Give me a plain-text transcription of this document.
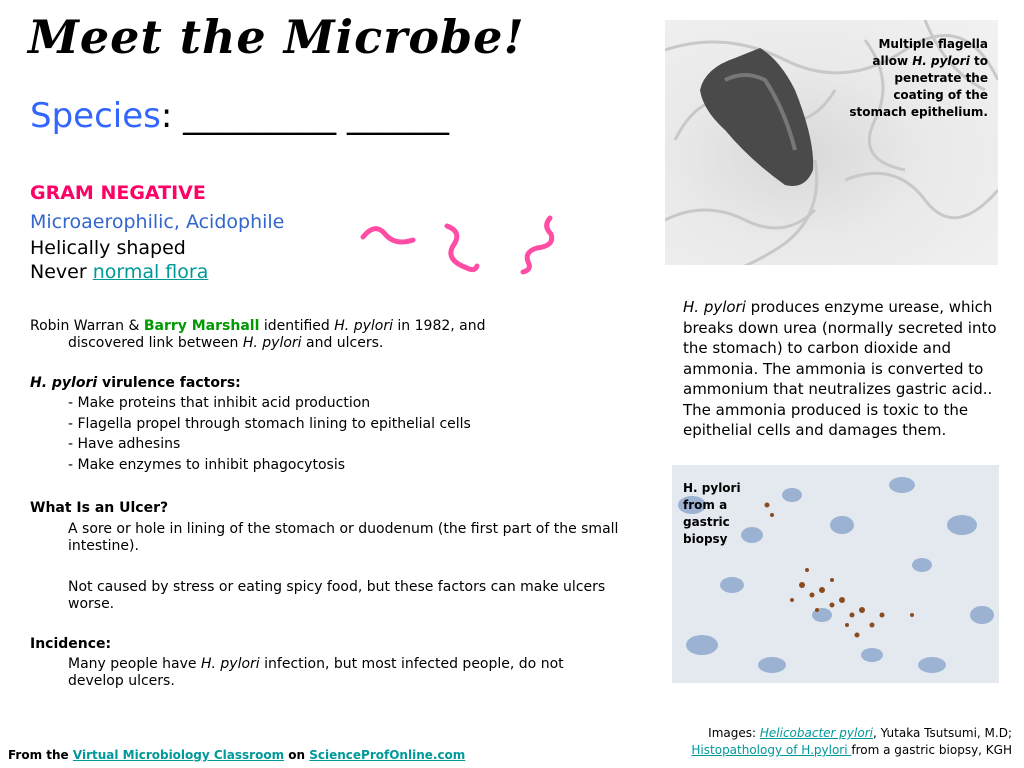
Meet the Microbe!
Species: _________ ______
GRAM NEGATIVE
Microaerophilic, Acidophile
Helically shaped
Never normal flora
Robin Warran & Barry Marshall identified H. pylori in 1982, and
discovered link between H. pylori and ulcers.
H. pylori virulence factors:
- Make proteins that inhibit acid production
- Flagella propel through stomach lining to epithelial cells
- Have adhesins
- Make enzymes to inhibit phagocytosis
What Is an Ulcer?
A sore or hole in lining of the stomach or duodenum (the first part of the small intestine).
Not caused by stress or eating spicy food, but these factors can make ulcers worse.
Incidence:
Many people have H. pylori infection, but most infected people, do not develop ulcers.
From the Virtual Microbiology Classroom on ScienceProfOnline.com
Multiple flagella allow H. pylori to penetrate the coating of the stomach epithelium.
H. pylori produces enzyme urease, which breaks down urea (normally secreted into the stomach) to carbon dioxide and ammonia. The ammonia is converted to ammonium that neutralizes gastric acid.. The ammonia produced is toxic to the epithelial cells and damages them.
H. pylori from a gastric biopsy
Images: Helicobacter pylori, Yutaka Tsutsumi, M.D;
Histopathology of H.pylori from a gastric biopsy, KGH
